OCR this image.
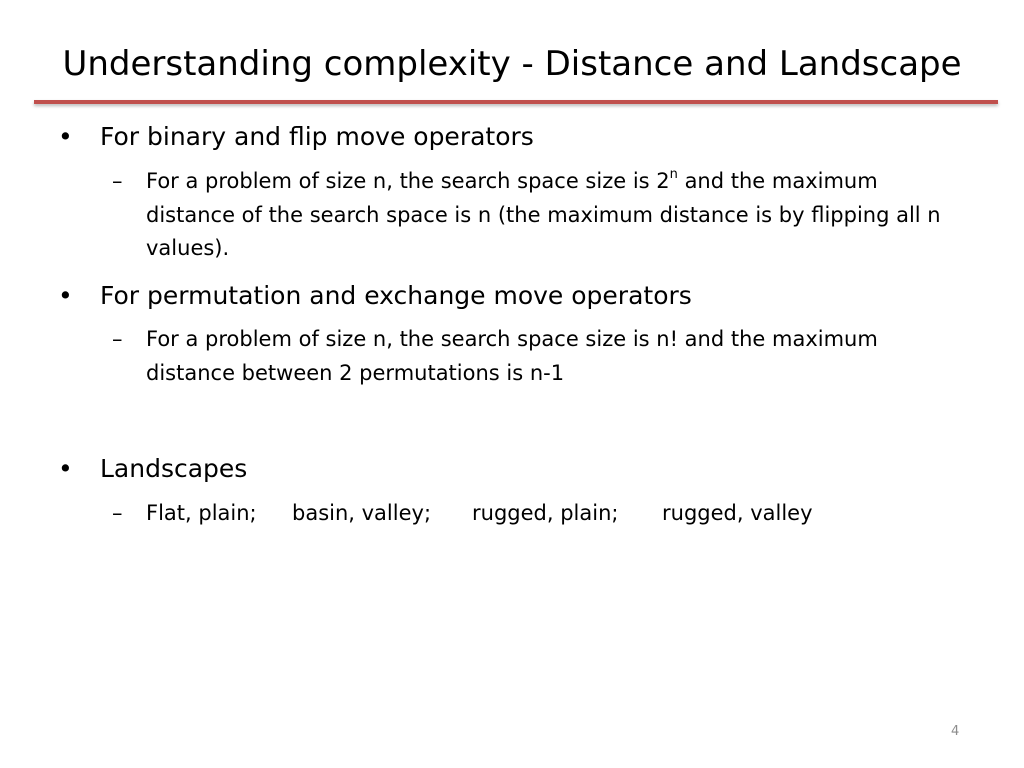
Understanding complexity - Distance and Landscape
• For binary and flip move operators
– For a problem of size n, the search space size is 2$^n$ and the maximum distance of the search space is n (the maximum distance is by flipping all n values).
• For permutation and exchange move operators
– For a problem of size n, the search space size is n! and the maximum distance between 2 permutations is n-1
• Landscapes
– Flat, plain; basin, valley; rugged, plain; rugged, valley
4
